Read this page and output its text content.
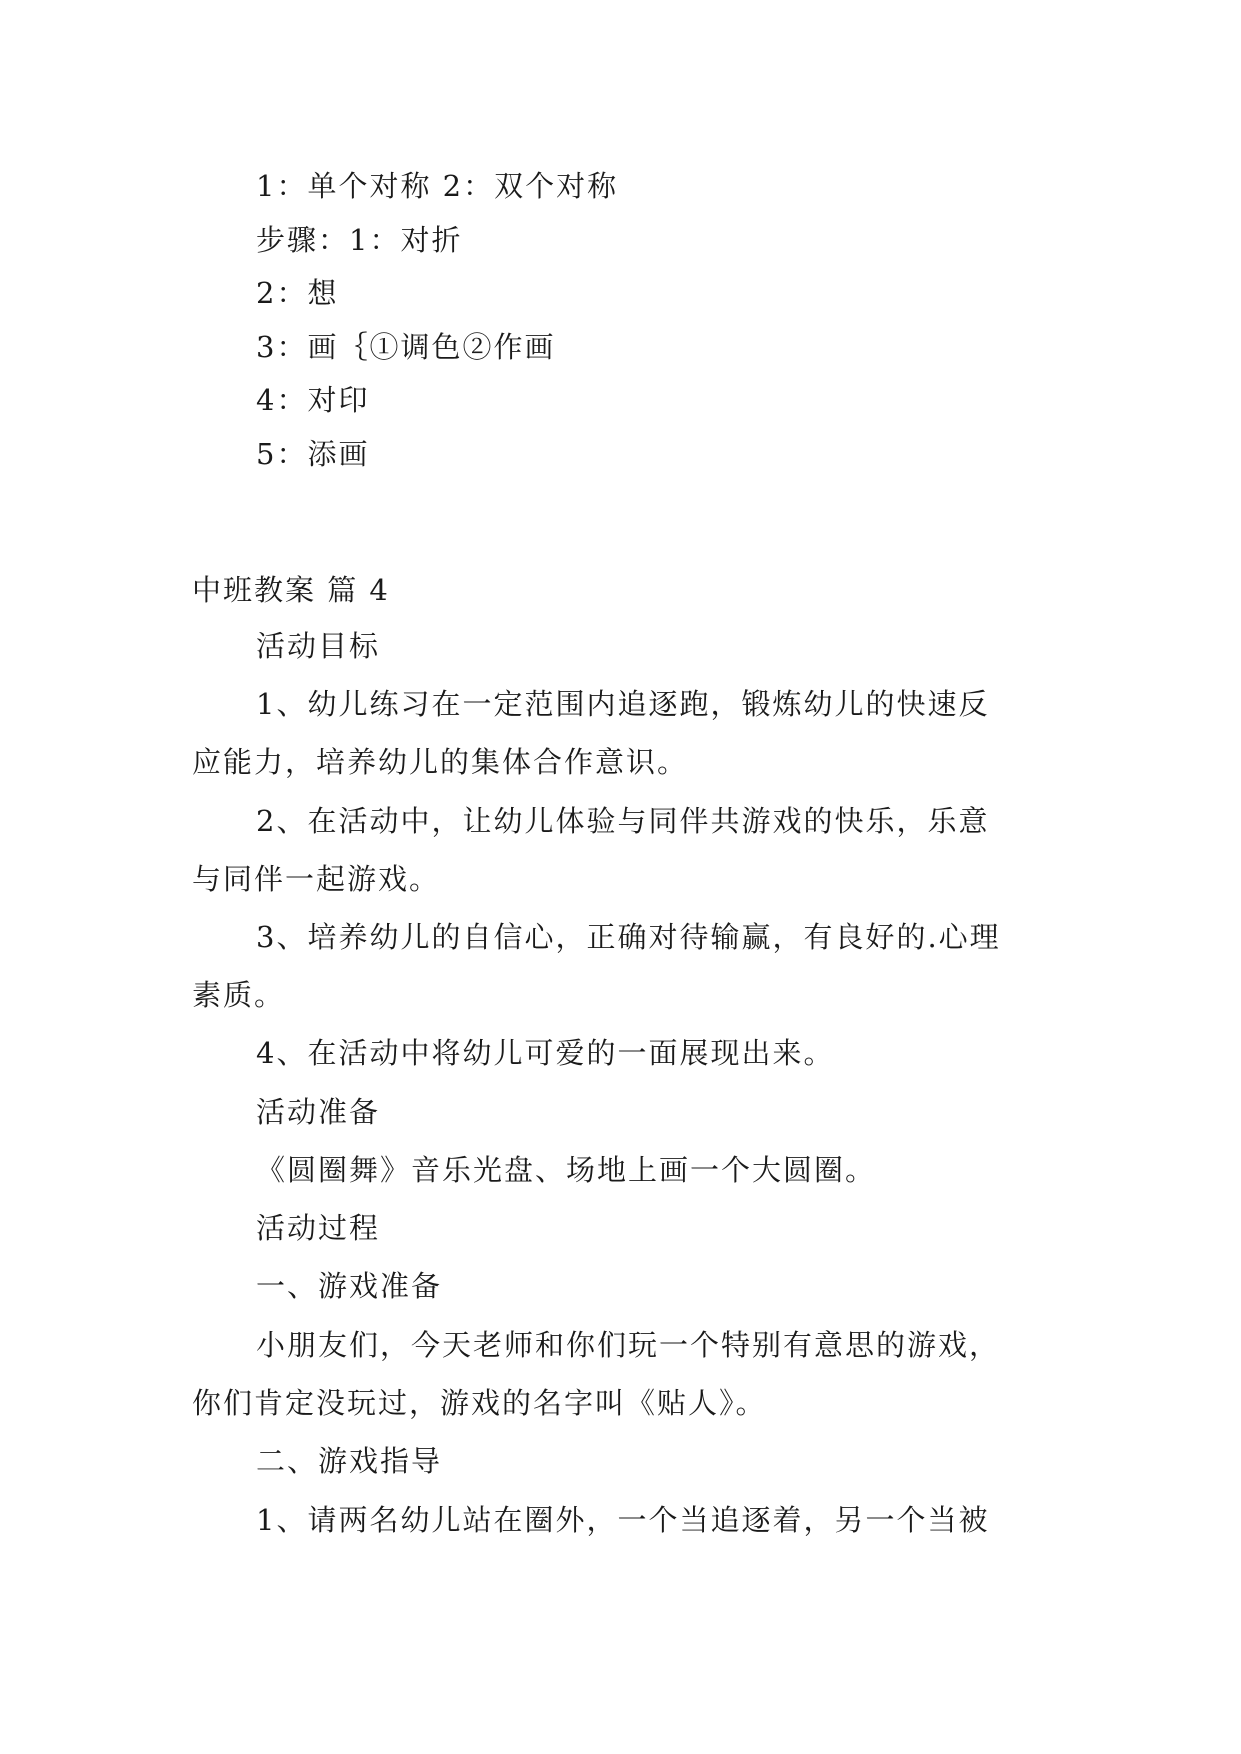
1：单个对称 2：双个对称
步骤：1：对折
2：想
3：画｛①调色②作画
4：对印
5：添画
中班教案 篇 4
活动目标
1、幼儿练习在一定范围内追逐跑，锻炼幼儿的快速反
应能力，培养幼儿的集体合作意识。
2、在活动中，让幼儿体验与同伴共游戏的快乐，乐意
与同伴一起游戏。
3、培养幼儿的自信心，正确对待输赢，有良好的.心理
素质。
4、在活动中将幼儿可爱的一面展现出来。
活动准备
《圆圈舞》音乐光盘、场地上画一个大圆圈。
活动过程
一、游戏准备
小朋友们，今天老师和你们玩一个特别有意思的游戏，
你们肯定没玩过，游戏的名字叫《贴人》。
二、游戏指导
1、请两名幼儿站在圈外，一个当追逐着，另一个当被
